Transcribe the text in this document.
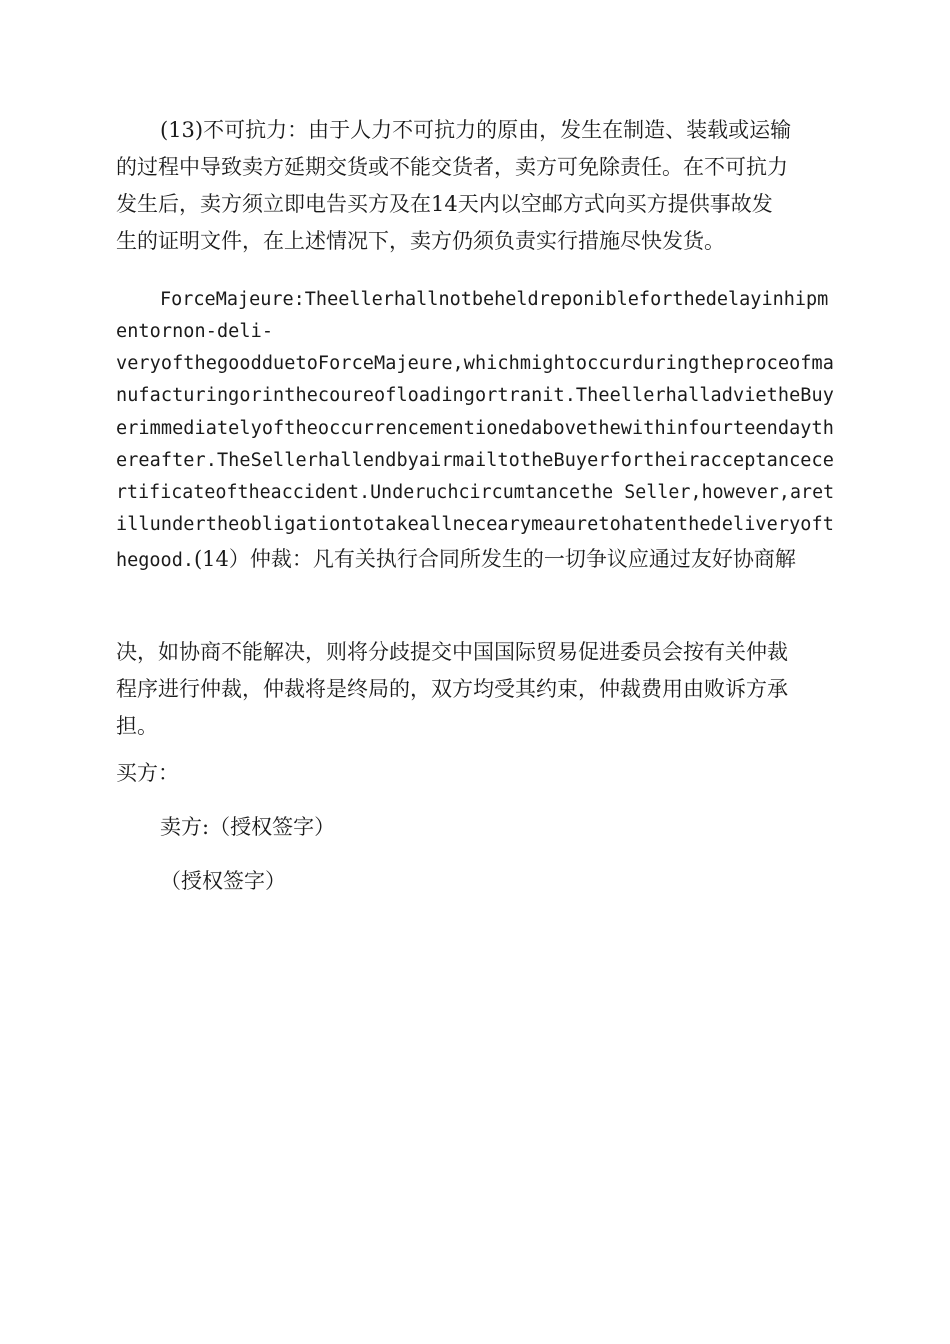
(13)不可抗力：由于人力不可抗力的原由，发生在制造、装载或运输
的过程中导致卖方延期交货或不能交货者，卖方可免除责任。在不可抗力
发生后，卖方须立即电告买方及在14天内以空邮方式向买方提供事故发
生的证明文件，在上述情况下，卖方仍须负责实行措施尽快发货。
ForceMajeure:Theellerhallnotbeheldreponibleforthedelayinhipm
entornon-deli-
veryofthegoodduetoForceMajeure,whichmightoccurduringtheproceofma
nufacturingorinthecoureofloadingortranit.TheellerhalladvietheBuy
erimmediatelyoftheoccurrencementionedabovethewithinfourteendayth
ereafter.TheSellerhallendbyairmailtotheBuyerfortheiracceptancece
rtificateoftheaccident.Underuchcircumtancethe Seller,however,aret
illundertheobligationtotakeallnecearymeauretohatenthedeliveryoft
hegood.(14）仲裁：凡有关执行合同所发生的一切争议应通过友好协商解
决，如协商不能解决，则将分歧提交中国国际贸易促进委员会按有关仲裁
程序进行仲裁，仲裁将是终局的，双方均受其约束，仲裁费用由败诉方承
担。
买方：
卖方:（授权签字）
（授权签字）
